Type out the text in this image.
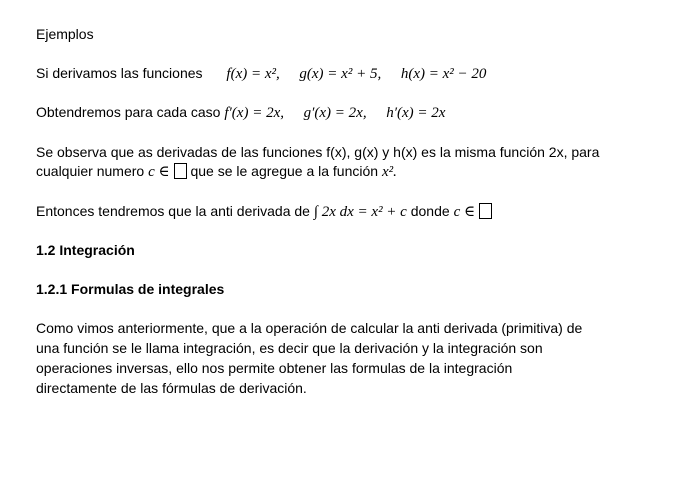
Ejemplos
Si derivamos las funciones f(x) = x²,  g(x) = x² + 5,  h(x) = x² − 20
Obtendremos para cada caso f′(x) = 2x,  g′(x) = 2x,  h′(x) = 2x
Se observa que as derivadas de las funciones f(x), g(x) y h(x) es la misma función 2x, para
cualquier numero c ∈ que se le agregue a la función x².
Entonces tendremos que la anti derivada de ∫ 2x dx = x² + c donde c ∈
1.2 Integración
1.2.1 Formulas de integrales
Como vimos anteriormente, que a la operación de calcular la anti derivada (primitiva) de
una función se le llama integración, es decir que la derivación y la integración son
operaciones inversas, ello nos permite obtener las formulas de la integración
directamente de las fórmulas de derivación.
